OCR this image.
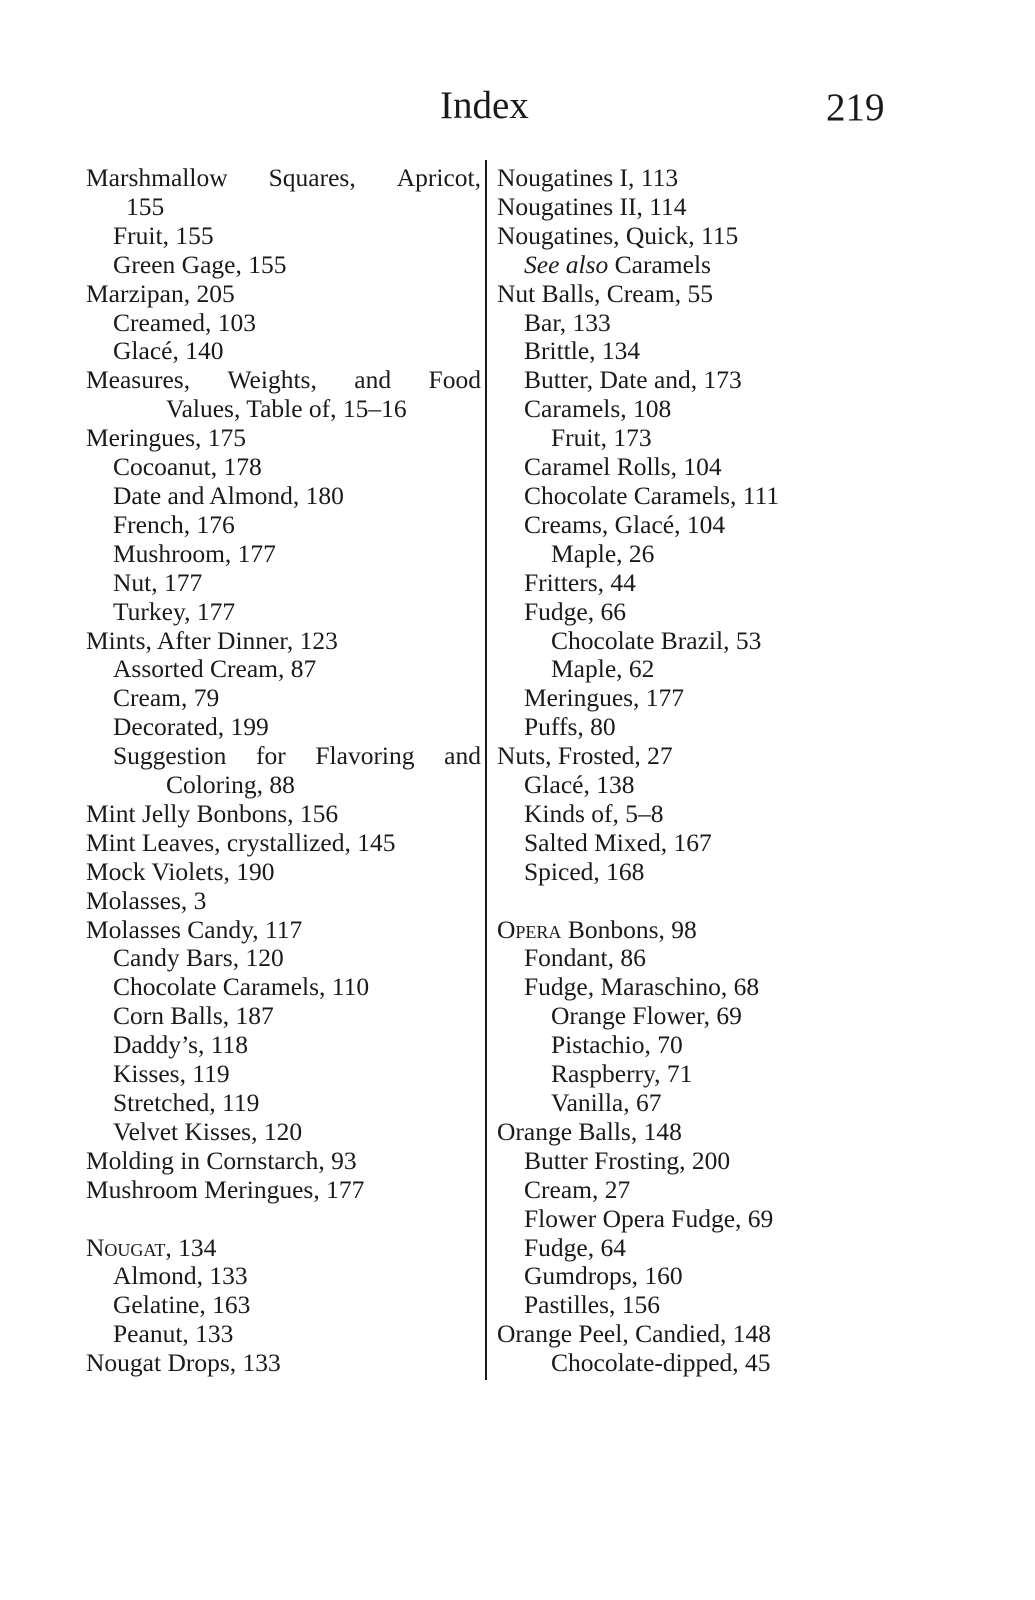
Index	219
Marshmallow Squares, Apricot,
155
Fruit, 155
Green Gage, 155
Marzipan, 205
Creamed, 103
Glacé, 140
Measures, Weights, and Food
Values, Table of, 15–16
Meringues, 175
Cocoanut, 178
Date and Almond, 180
French, 176
Mushroom, 177
Nut, 177
Turkey, 177
Mints, After Dinner, 123
Assorted Cream, 87
Cream, 79
Decorated, 199
Suggestion for Flavoring and
Coloring, 88
Mint Jelly Bonbons, 156
Mint Leaves, crystallized, 145
Mock Violets, 190
Molasses, 3
Molasses Candy, 117
Candy Bars, 120
Chocolate Caramels, 110
Corn Balls, 187
Daddy’s, 118
Kisses, 119
Stretched, 119
Velvet Kisses, 120
Molding in Cornstarch, 93
Mushroom Meringues, 177
Nougat, 134
Almond, 133
Gelatine, 163
Peanut, 133
Nougat Drops, 133
Nougatines I, 113
Nougatines II, 114
Nougatines, Quick, 115
See also Caramels
Nut Balls, Cream, 55
Bar, 133
Brittle, 134
Butter, Date and, 173
Caramels, 108
Fruit, 173
Caramel Rolls, 104
Chocolate Caramels, 111
Creams, Glacé, 104
Maple, 26
Fritters, 44
Fudge, 66
Chocolate Brazil, 53
Maple, 62
Meringues, 177
Puffs, 80
Nuts, Frosted, 27
Glacé, 138
Kinds of, 5–8
Salted Mixed, 167
Spiced, 168
Opera Bonbons, 98
Fondant, 86
Fudge, Maraschino, 68
Orange Flower, 69
Pistachio, 70
Raspberry, 71
Vanilla, 67
Orange Balls, 148
Butter Frosting, 200
Cream, 27
Flower Opera Fudge, 69
Fudge, 64
Gumdrops, 160
Pastilles, 156
Orange Peel, Candied, 148
Chocolate-dipped, 45
